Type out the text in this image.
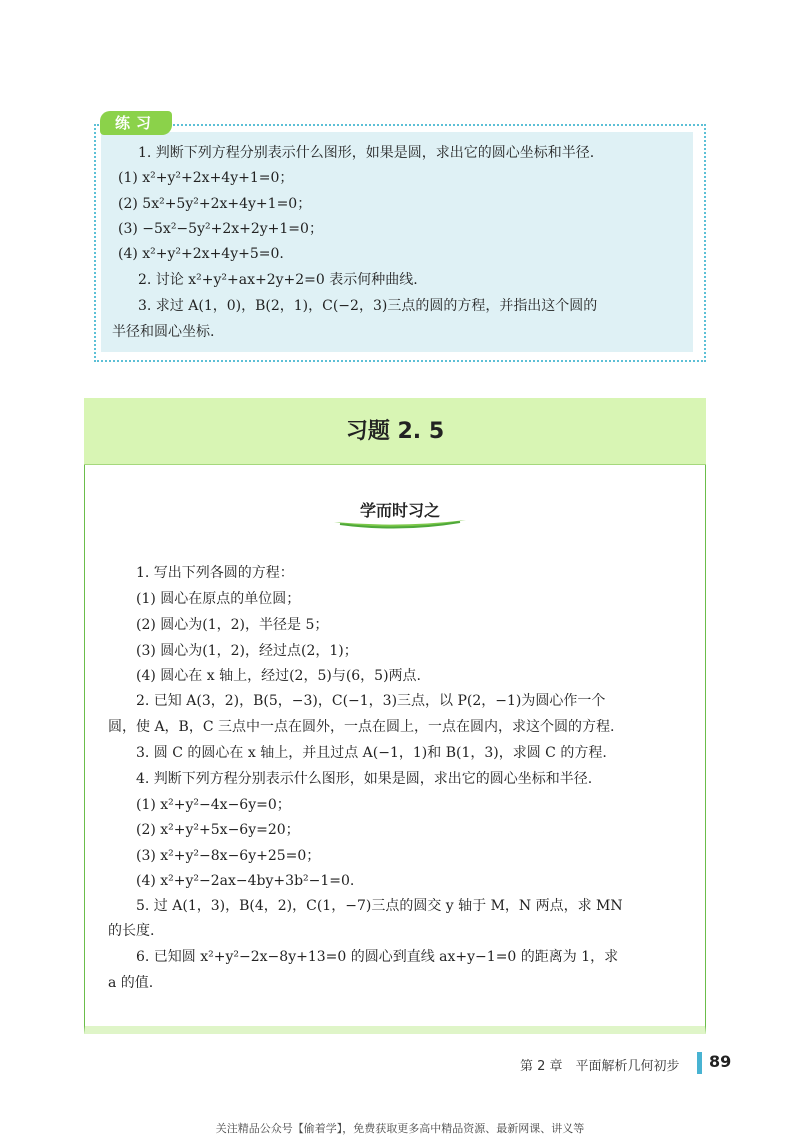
练习
1. 判断下列方程分别表示什么图形，如果是圆，求出它的圆心坐标和半径.
(1) x²+y²+2x+4y+1=0；
(2) 5x²+5y²+2x+4y+1=0；
(3) −5x²−5y²+2x+2y+1=0；
(4) x²+y²+2x+4y+5=0.
2. 讨论 x²+y²+ax+2y+2=0 表示何种曲线.
3. 求过 A(1，0)，B(2，1)，C(−2，3)三点的圆的方程，并指出这个圆的
半径和圆心坐标.
习题 2. 5
学而时习之
1. 写出下列各圆的方程：
(1) 圆心在原点的单位圆；
(2) 圆心为(1，2)，半径是 5；
(3) 圆心为(1，2)，经过点(2，1)；
(4) 圆心在 x 轴上，经过(2，5)与(6，5)两点.
2. 已知 A(3，2)，B(5，−3)，C(−1，3)三点，以 P(2，−1)为圆心作一个
圆，使 A，B，C 三点中一点在圆外，一点在圆上，一点在圆内，求这个圆的方程.
3. 圆 C 的圆心在 x 轴上，并且过点 A(−1，1)和 B(1，3)，求圆 C 的方程.
4. 判断下列方程分别表示什么图形，如果是圆，求出它的圆心坐标和半径.
(1) x²+y²−4x−6y=0；
(2) x²+y²+5x−6y=20；
(3) x²+y²−8x−6y+25=0；
(4) x²+y²−2ax−4by+3b²−1=0.
5. 过 A(1，3)，B(4，2)，C(1，−7)三点的圆交 y 轴于 M，N 两点，求 MN
的长度.
6. 已知圆 x²+y²−2x−8y+13=0 的圆心到直线 ax+y−1=0 的距离为 1，求
a 的值.
第 2 章　平面解析几何初步 89
关注精品公众号【偷着学】，免费获取更多高中精品资源、最新网课、讲义等
